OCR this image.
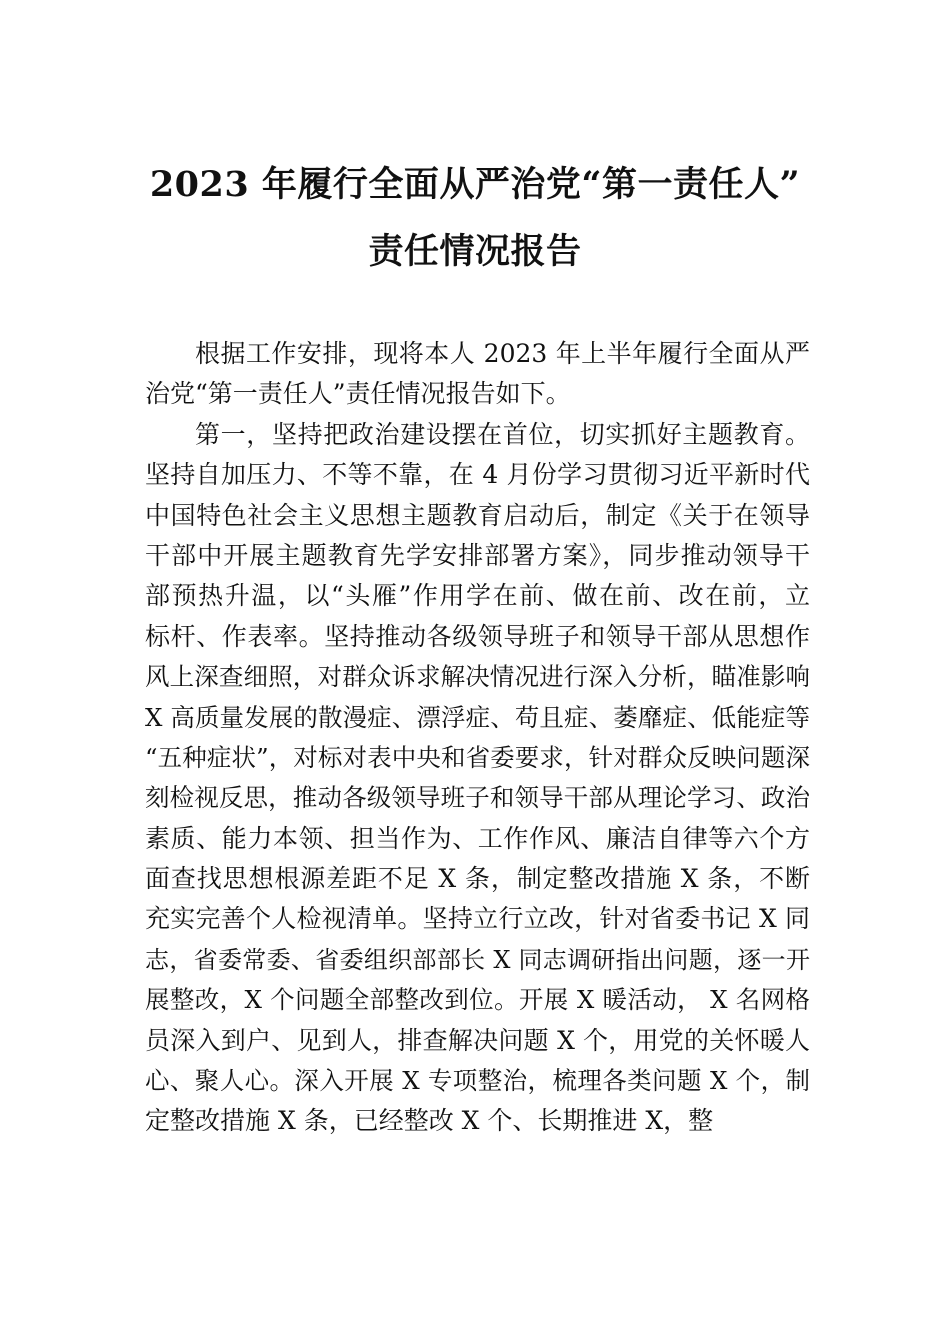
2023 年履行全面从严治党“第一责任人”
责任情况报告
根据工作安排，现将本人 2023 年上半年履行全面从严
治党“第一责任人”责任情况报告如下。
第一，坚持把政治建设摆在首位，切实抓好主题教育。
坚持自加压力、不等不靠，在 4 月份学习贯彻习近平新时代
中国特色社会主义思想主题教育启动后，制定《关于在领导
干部中开展主题教育先学安排部署方案》，同步推动领导干
部预热升温，以“头雁”作用学在前、做在前、改在前，立
标杆、作表率。坚持推动各级领导班子和领导干部从思想作
风上深查细照，对群众诉求解决情况进行深入分析，瞄准影响
X 高质量发展的散漫症、漂浮症、苟且症、萎靡症、低能症等
“五种症状”，对标对表中央和省委要求，针对群众反映问题深
刻检视反思，推动各级领导班子和领导干部从理论学习、政治
素质、能力本领、担当作为、工作作风、廉洁自律等六个方
面查找思想根源差距不足 X 条，制定整改措施 X 条，不断
充实完善个人检视清单。坚持立行立改，针对省委书记 X 同
志，省委常委、省委组织部部长 X 同志调研指出问题，逐一开
展整改，X 个问题全部整改到位。开展 X 暖活动， X 名网格
员深入到户、见到人，排查解决问题 X 个，用党的关怀暖人
心、聚人心。深入开展 X 专项整治，梳理各类问题 X 个，制
定整改措施 X 条，已经整改 X 个、长期推进 X，整
